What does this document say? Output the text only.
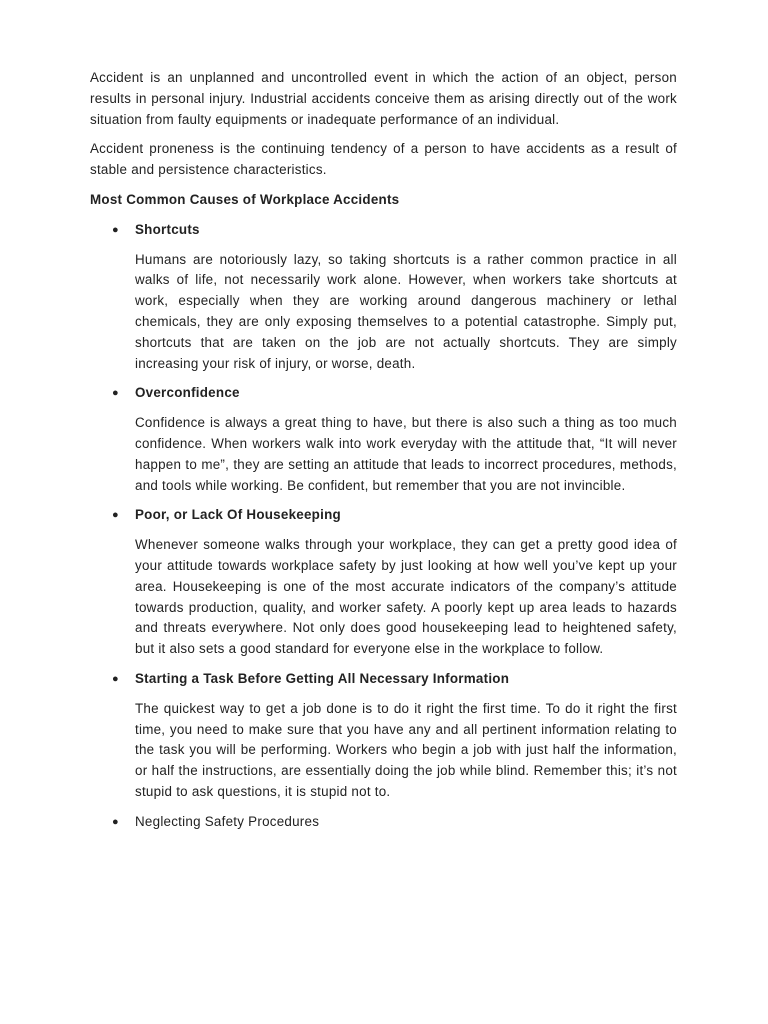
Accident is an unplanned and uncontrolled event in which the action of an object, person results in personal injury. Industrial accidents conceive them as arising directly out of the work situation from faulty equipments or inadequate performance of an individual.

Accident proneness is the continuing tendency of a person to have accidents as a result of stable and persistence characteristics.

Most Common Causes of Workplace Accidents
● Shortcuts

Humans are notoriously lazy, so taking shortcuts is a rather common practice in all walks of life, not necessarily work alone. However, when workers take shortcuts at work, especially when they are working around dangerous machinery or lethal chemicals, they are only exposing themselves to a potential catastrophe. Simply put, shortcuts that are taken on the job are not actually shortcuts. They are simply increasing your risk of injury, or worse, death.

● Overconfidence

Confidence is always a great thing to have, but there is also such a thing as too much confidence. When workers walk into work everyday with the attitude that, “It will never happen to me”, they are setting an attitude that leads to incorrect procedures, methods, and tools while working. Be confident, but remember that you are not invincible.

● Poor, or Lack Of Housekeeping

Whenever someone walks through your workplace, they can get a pretty good idea of your attitude towards workplace safety by just looking at how well you’ve kept up your area. Housekeeping is one of the most accurate indicators of the company’s attitude towards production, quality, and worker safety. A poorly kept up area leads to hazards and threats everywhere. Not only does good housekeeping lead to heightened safety, but it also sets a good standard for everyone else in the workplace to follow.

● Starting a Task Before Getting All Necessary Information

The quickest way to get a job done is to do it right the first time. To do it right the first time, you need to make sure that you have any and all pertinent information relating to the task you will be performing. Workers who begin a job with just half the information, or half the instructions, are essentially doing the job while blind. Remember this; it’s not stupid to ask questions, it is stupid not to.

● Neglecting Safety Procedures
